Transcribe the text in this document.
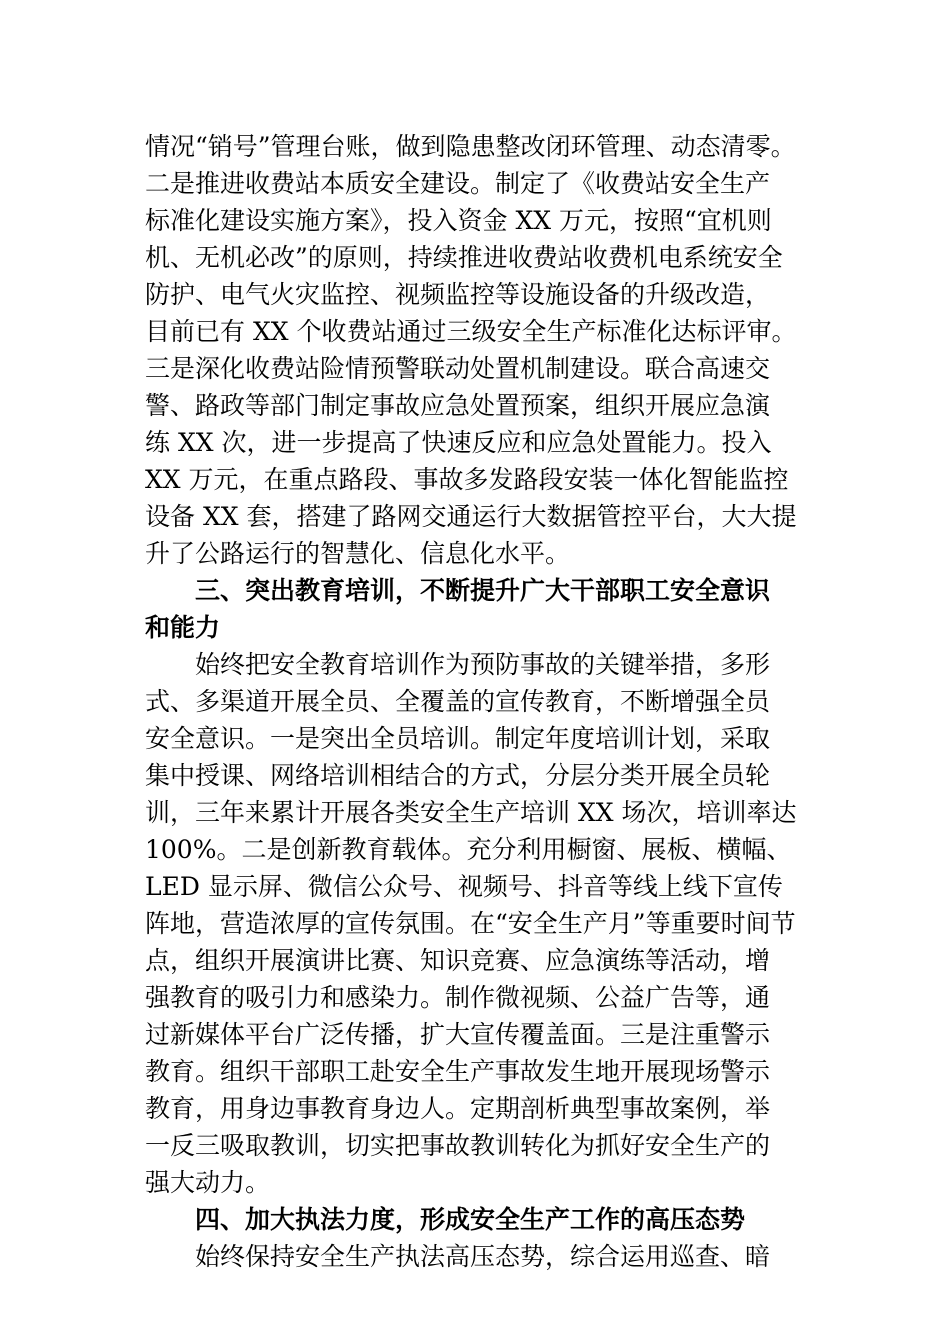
情况“销号”管理台账，做到隐患整改闭环管理、动态清零。
二是推进收费站本质安全建设。制定了《收费站安全生产
标准化建设实施方案》，投入资金 XX 万元，按照“宜机则
机、无机必改”的原则，持续推进收费站收费机电系统安全
防护、电气火灾监控、视频监控等设施设备的升级改造，
目前已有 XX 个收费站通过三级安全生产标准化达标评审。
三是深化收费站险情预警联动处置机制建设。联合高速交
警、路政等部门制定事故应急处置预案，组织开展应急演
练 XX 次，进一步提高了快速反应和应急处置能力。投入
XX 万元，在重点路段、事故多发路段安装一体化智能监控
设备 XX 套，搭建了路网交通运行大数据管控平台，大大提
升了公路运行的智慧化、信息化水平。
三、突出教育培训，不断提升广大干部职工安全意识
和能力
始终把安全教育培训作为预防事故的关键举措，多形
式、多渠道开展全员、全覆盖的宣传教育，不断增强全员
安全意识。一是突出全员培训。制定年度培训计划，采取
集中授课、网络培训相结合的方式，分层分类开展全员轮
训，三年来累计开展各类安全生产培训 XX 场次，培训率达
100%。二是创新教育载体。充分利用橱窗、展板、横幅、
LED 显示屏、微信公众号、视频号、抖音等线上线下宣传
阵地，营造浓厚的宣传氛围。在“安全生产月”等重要时间节
点，组织开展演讲比赛、知识竞赛、应急演练等活动，增
强教育的吸引力和感染力。制作微视频、公益广告等，通
过新媒体平台广泛传播，扩大宣传覆盖面。三是注重警示
教育。组织干部职工赴安全生产事故发生地开展现场警示
教育，用身边事教育身边人。定期剖析典型事故案例，举
一反三吸取教训，切实把事故教训转化为抓好安全生产的
强大动力。
四、加大执法力度，形成安全生产工作的高压态势
始终保持安全生产执法高压态势，综合运用巡查、暗
